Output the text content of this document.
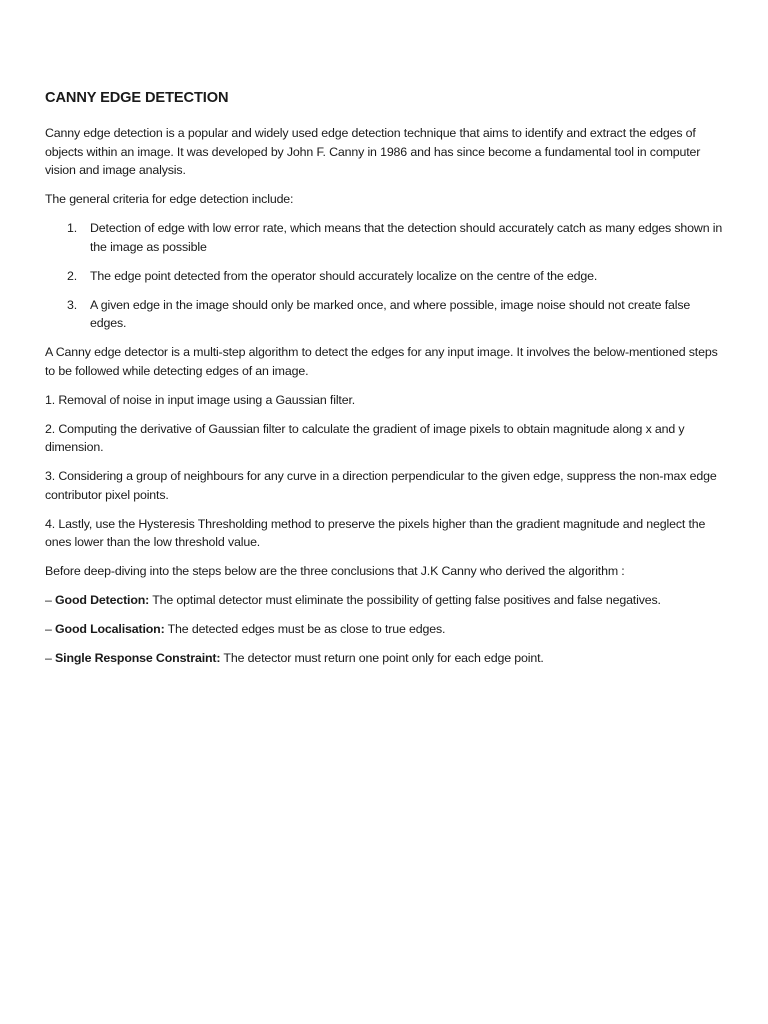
CANNY EDGE DETECTION

Canny edge detection is a popular and widely used edge detection technique that aims to identify and extract the edges of objects within an image. It was developed by John F. Canny in 1986 and has since become a fundamental tool in computer vision and image analysis.

The general criteria for edge detection include:

1. Detection of edge with low error rate, which means that the detection should accurately catch as many edges shown in the image as possible
2. The edge point detected from the operator should accurately localize on the centre of the edge.
3. A given edge in the image should only be marked once, and where possible, image noise should not create false edges.

A Canny edge detector is a multi-step algorithm to detect the edges for any input image. It involves the below-mentioned steps to be followed while detecting edges of an image.

1. Removal of noise in input image using a Gaussian filter.

2. Computing the derivative of Gaussian filter to calculate the gradient of image pixels to obtain magnitude along x and y dimension.

3. Considering a group of neighbours for any curve in a direction perpendicular to the given edge, suppress the non-max edge contributor pixel points.

4. Lastly, use the Hysteresis Thresholding method to preserve the pixels higher than the gradient magnitude and neglect the ones lower than the low threshold value.

Before deep-diving into the steps below are the three conclusions that J.K Canny who derived the algorithm :

– Good Detection: The optimal detector must eliminate the possibility of getting false positives and false negatives.

– Good Localisation: The detected edges must be as close to true edges.

– Single Response Constraint: The detector must return one point only for each edge point.
